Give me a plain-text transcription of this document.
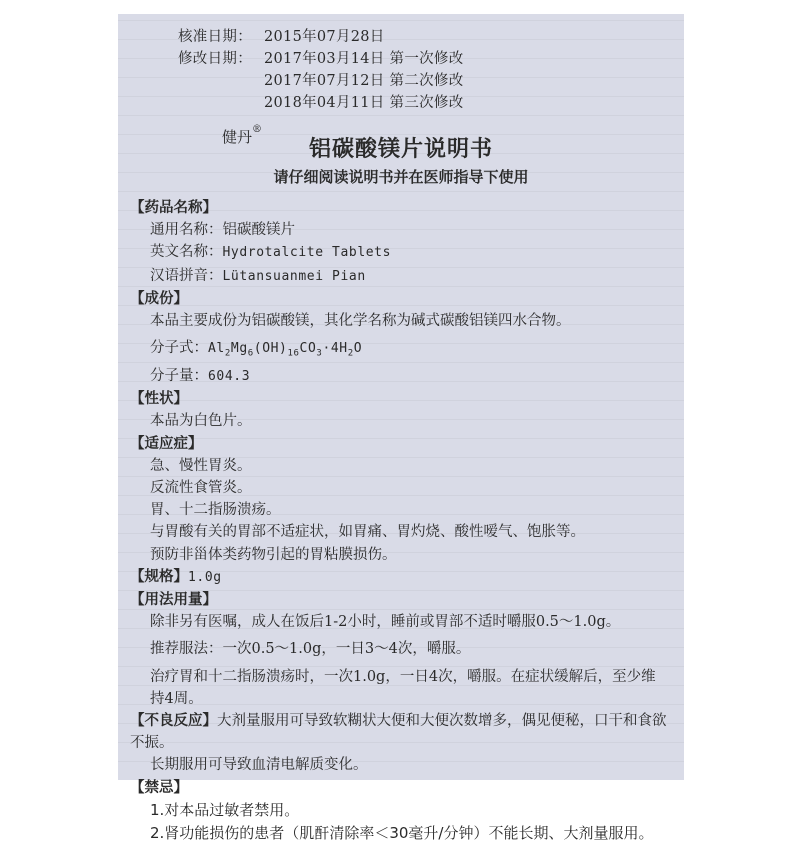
核准日期： 2015年07月28日
修改日期： 2017年03月14日 第一次修改
2017年07月12日 第二次修改
2018年04月11日 第三次修改
健丹®
铝碳酸镁片说明书
请仔细阅读说明书并在医师指导下使用
【药品名称】
通用名称：铝碳酸镁片
英文名称：Hydrotalcite Tablets
汉语拼音：Lütansuanmei Pian
【成份】
本品主要成份为铝碳酸镁，其化学名称为碱式碳酸铝镁四水合物。
分子式：$Al_2Mg_6(OH)_{16}CO_3\cdot 4H_2O$
分子量：604.3
【性状】
本品为白色片。
【适应症】
急、慢性胃炎。
反流性食管炎。
胃、十二指肠溃疡。
与胃酸有关的胃部不适症状，如胃痛、胃灼烧、酸性嗳气、饱胀等。
预防非甾体类药物引起的胃粘膜损伤。
【规格】1.0g
【用法用量】
除非另有医嘱，成人在饭后1-2小时，睡前或胃部不适时嚼服0.5～1.0g。
推荐服法：一次0.5～1.0g，一日3～4次，嚼服。
治疗胃和十二指肠溃疡时，一次1.0g，一日4次，嚼服。在症状缓解后，至少维持4周。
【不良反应】大剂量服用可导致软糊状大便和大便次数增多，偶见便秘，口干和食欲不振。
长期服用可导致血清电解质变化。
【禁忌】
1.对本品过敏者禁用。
2.肾功能损伤的患者（肌酐清除率＜30毫升/分钟）不能长期、大剂量服用。
